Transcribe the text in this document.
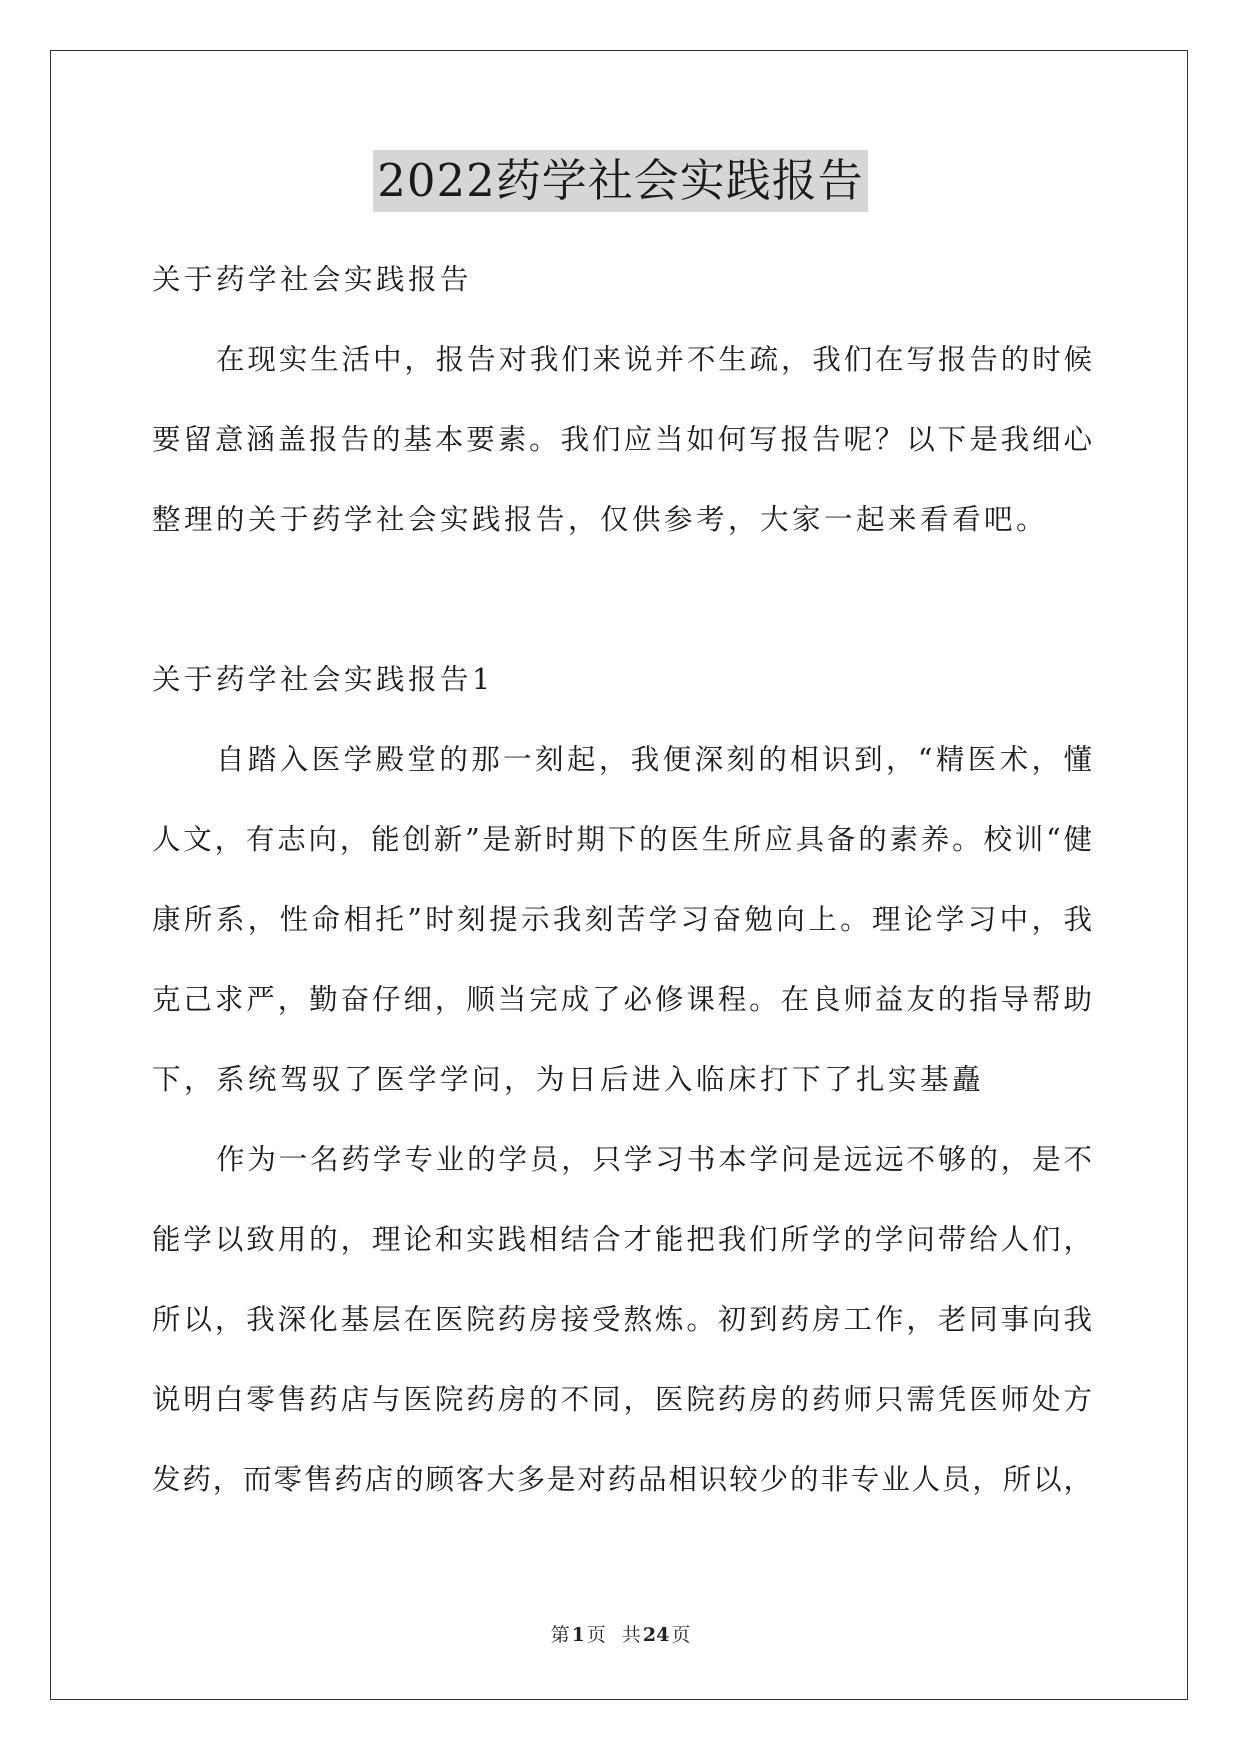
2022药学社会实践报告
关于药学社会实践报告
在现实生活中，报告对我们来说并不生疏，我们在写报告的时候
要留意涵盖报告的基本要素。我们应当如何写报告呢？以下是我细心
整理的关于药学社会实践报告，仅供参考，大家一起来看看吧。
关于药学社会实践报告1
自踏入医学殿堂的那一刻起，我便深刻的相识到，“精医术，懂
人文，有志向，能创新”是新时期下的医生所应具备的素养。校训“健
康所系，性命相托”时刻提示我刻苦学习奋勉向上。理论学习中，我
克己求严，勤奋仔细，顺当完成了必修课程。在良师益友的指导帮助
下，系统驾驭了医学学问，为日后进入临床打下了扎实基矗
作为一名药学专业的学员，只学习书本学问是远远不够的，是不
能学以致用的，理论和实践相结合才能把我们所学的学问带给人们，
所以，我深化基层在医院药房接受熬炼。初到药房工作，老同事向我
说明白零售药店与医院药房的不同，医院药房的药师只需凭医师处方
发药，而零售药店的顾客大多是对药品相识较少的非专业人员，所以，
第 1 页 共 24 页
